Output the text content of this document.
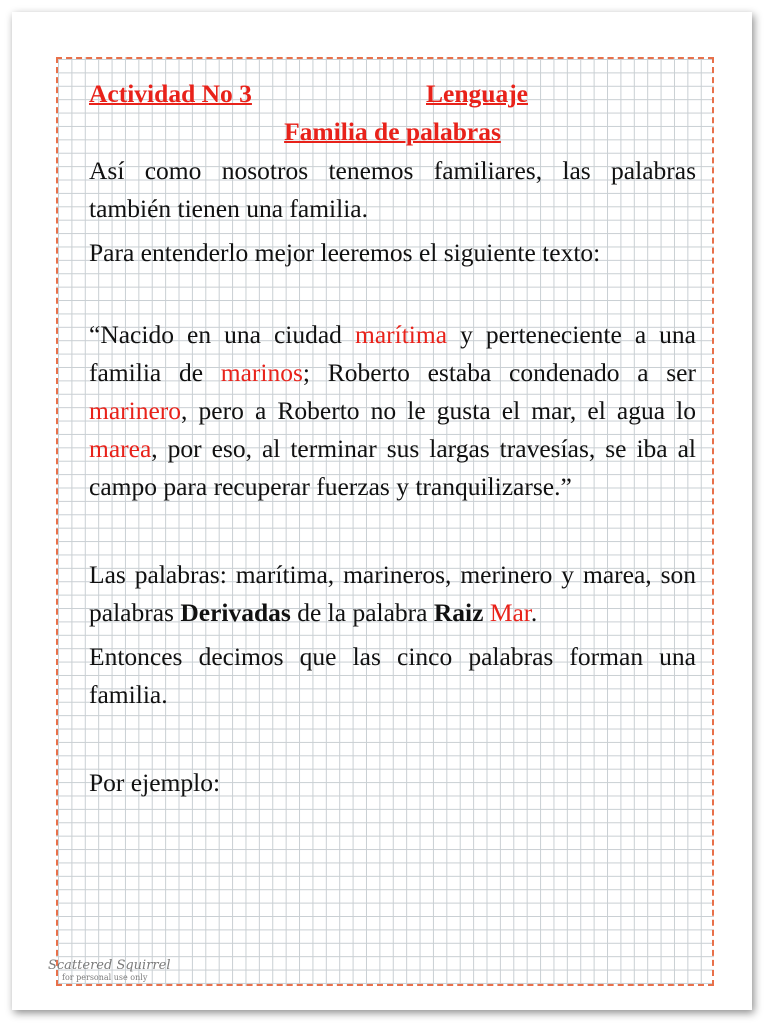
Actividad No 3	Lenguaje
Familia de palabras

Así como nosotros tenemos familiares, las palabras también tienen una familia.

Para entenderlo mejor leeremos el siguiente texto:

“Nacido en una ciudad marítima y perteneciente a una familia de marinos; Roberto estaba condenado a ser marinero, pero a Roberto no le gusta el mar, el agua lo marea, por eso, al terminar sus largas travesías, se iba al campo para recuperar fuerzas y tranquilizarse.”

Las palabras: marítima, marineros, merinero y marea, son palabras Derivadas de la palabra Raiz Mar.

Entonces decimos que las cinco palabras forman una familia.

Por ejemplo:

Scattered Squirrel
for personal use only
